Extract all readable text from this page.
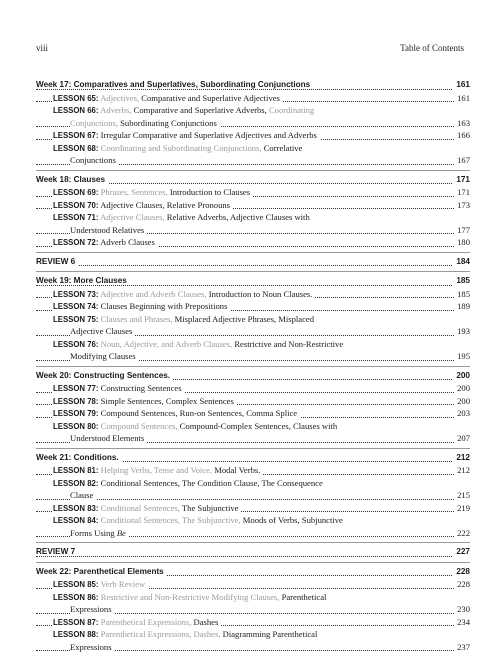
viii	Table of Contents
Week 17: Comparatives and Superlatives, Subordinating Conjunctions	161
LESSON 65: Adjectives, Comparative and Superlative Adjectives	161
LESSON 66: Adverbs, Comparative and Superlative Adverbs, Coordinating
Conjunctions, Subordinating Conjunctions	163
LESSON 67: Irregular Comparative and Superlative Adjectives and Adverbs	166
LESSON 68: Coordinating and Subordinating Conjunctions, Correlative
Conjunctions	167
Week 18: Clauses	171
LESSON 69: Phrases, Sentences, Introduction to Clauses	171
LESSON 70: Adjective Clauses, Relative Pronouns	173
LESSON 71: Adjective Clauses, Relative Adverbs, Adjective Clauses with
Understood Relatives	177
LESSON 72: Adverb Clauses	180
REVIEW 6	184
Week 19: More Clauses	185
LESSON 73: Adjective and Adverb Clauses, Introduction to Noun Clauses.	185
LESSON 74: Clauses Beginning with Prepositions	189
LESSON 75: Clauses and Phrases, Misplaced Adjective Phrases, Misplaced
Adjective Clauses	193
LESSON 76: Noun, Adjective, and Adverb Clauses, Restrictive and Non-Restrictive
Modifying Clauses	195
Week 20: Constructing Sentences.	200
LESSON 77: Constructing Sentences	200
LESSON 78: Simple Sentences, Complex Sentences	200
LESSON 79: Compound Sentences, Run-on Sentences, Comma Splice	203
LESSON 80: Compound Sentences, Compound-Complex Sentences, Clauses with
Understood Elements	207
Week 21: Conditions.	212
LESSON 81: Helping Verbs, Tense and Voice, Modal Verbs.	212
LESSON 82: Conditional Sentences, The Condition Clause, The Consequence
Clause	215
LESSON 83: Conditional Sentences, The Subjunctive	219
LESSON 84: Conditional Sentences, The Subjunctive, Moods of Verbs, Subjunctive
Forms Using Be	222
REVIEW 7	227
Week 22: Parenthetical Elements	228
LESSON 85: Verb Review	228
LESSON 86: Restrictive and Non-Restrictive Modifying Clauses, Parenthetical
Expressions	230
LESSON 87: Parenthetical Expressions, Dashes	234
LESSON 88: Parenthetical Expressions, Dashes, Diagramming Parenthetical
Expressions	237
